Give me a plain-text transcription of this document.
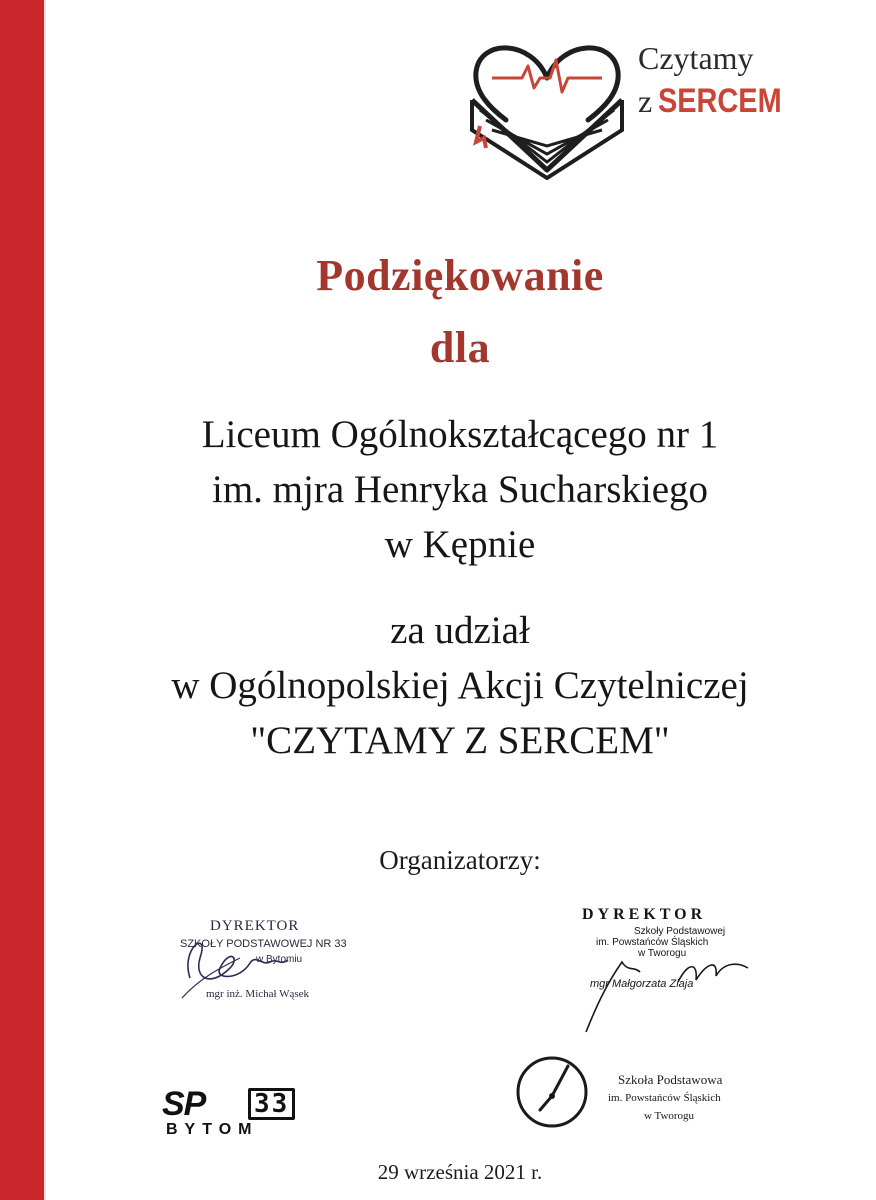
Czytamy
z SERCEM
Podziękowanie
dla
Liceum Ogólnokształcącego nr 1
im. mjra Henryka Sucharskiego
w Kępnie
za udział
w Ogólnopolskiej Akcji Czytelniczej
"CZYTAMY Z SERCEM"
Organizatorzy:
DYREKTOR
SZKOŁY PODSTAWOWEJ NR 33
w Bytomiu
mgr inż. Michał Wąsek
DYREKTOR
Szkoły Podstawowej
im. Powstańców Śląskich
w Tworogu
mgr Małgorzata Ziaja
SP 33
BYTOM
Szkoła Podstawowa
im. Powstańców Śląskich
w Tworogu
29 września 2021 r.
